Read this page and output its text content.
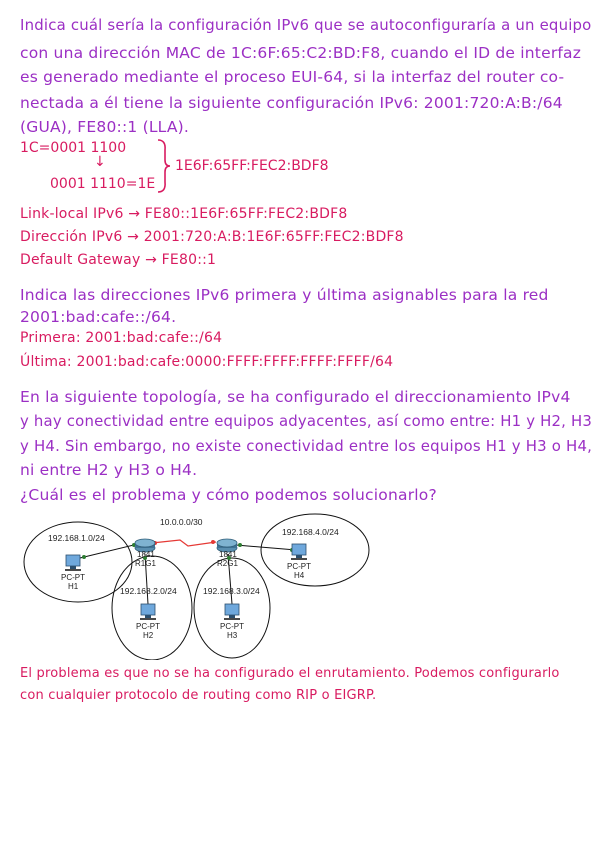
Indica cuál sería la configuración IPv6 que se autoconfiguraría a un equipo
con una dirección MAC de 1C:6F:65:C2:BD:F8, cuando el ID de interfaz
es generado mediante el proceso EUI-64, si la interfaz del router co-
nectada a él tiene la siguiente configuración IPv6: 2001:720:A:B:/64
(GUA), FE80::1 (LLA).
1C=0001 1100
↓
0001 1110=1E
1E6F:65FF:FEC2:BDF8
Link-local IPv6 → FE80::1E6F:65FF:FEC2:BDF8
Dirección IPv6 → 2001:720:A:B:1E6F:65FF:FEC2:BDF8
Default Gateway → FE80::1
Indica las direcciones IPv6 primera y última asignables para la red
2001:bad:cafe::/64.
Primera: 2001:bad:cafe::/64
Última: 2001:bad:cafe:0000:FFFF:FFFF:FFFF:FFFF/64
En la siguiente topología, se ha configurado el direccionamiento IPv4
y hay conectividad entre equipos adyacentes, así como entre: H1 y H2, H3
y H4. Sin embargo, no existe conectividad entre los equipos H1 y H3 o H4,
ni entre H2 y H3 o H4.
¿Cuál es el problema y cómo podemos solucionarlo?
10.0.0.0/30
192.168.1.0/24
192.168.2.0/24	192.168.3.0/24
192.168.4.0/24
1841
R1G1
1841
R2G1
PC-PT
H1
PC-PT
H2
PC-PT
H3
PC-PT
H4
El problema es que no se ha configurado el enrutamiento. Podemos configurarlo
con cualquier protocolo de routing como RIP o EIGRP.
